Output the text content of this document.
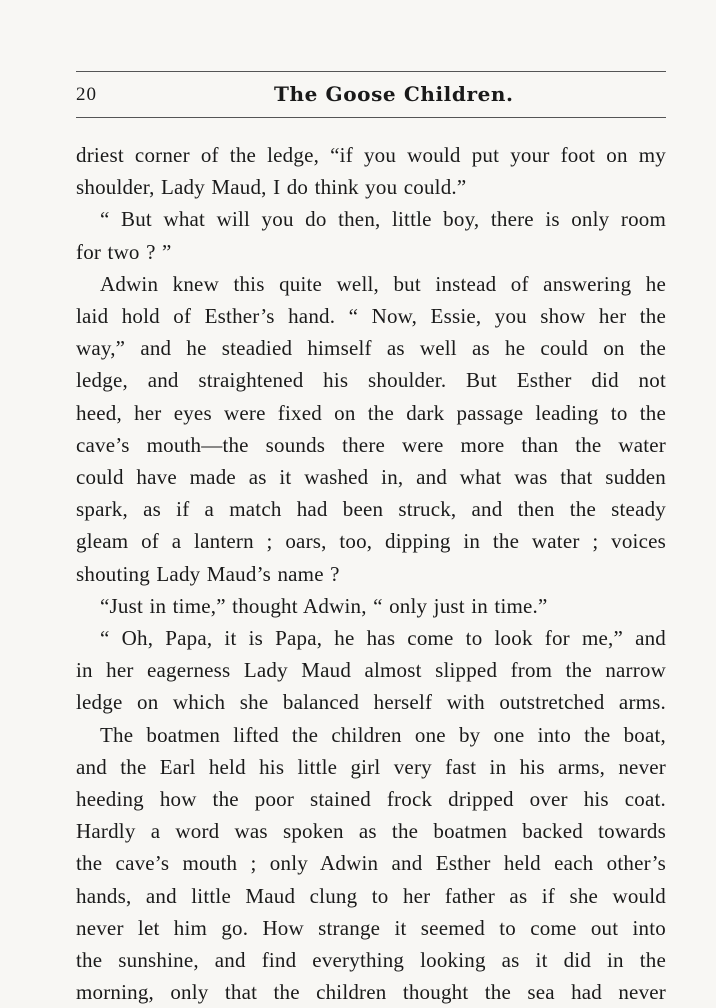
20	The Goose Children.

driest corner of the ledge, “if you would put your foot on my

shoulder, Lady Maud, I do think you could.”

“ But what will you do then, little boy, there is only room

for two ? ”

Adwin knew this quite well, but instead of answering he

laid hold of Esther’s hand. “ Now, Essie, you show her the

way,” and he steadied himself as well as he could on the

ledge, and straightened his shoulder. But Esther did not

heed, her eyes were fixed on the dark passage leading to the

cave’s mouth—the sounds there were more than the water

could have made as it washed in, and what was that sudden

spark, as if a match had been struck, and then the steady

gleam of a lantern ; oars, too, dipping in the water ; voices

shouting Lady Maud’s name ?

“Just in time,” thought Adwin, “ only just in time.”

“ Oh, Papa, it is Papa, he has come to look for me,” and

in her eagerness Lady Maud almost slipped from the narrow

ledge on which she balanced herself with outstretched arms.

The boatmen lifted the children one by one into the boat,

and the Earl held his little girl very fast in his arms, never

heeding how the poor stained frock dripped over his coat.

Hardly a word was spoken as the boatmen backed towards

the cave’s mouth ; only Adwin and Esther held each other’s

hands, and little Maud clung to her father as if she would

never let him go. How strange it seemed to come out into

the sunshine, and find everything looking as it did in the

morning, only that the children thought the sea had never
